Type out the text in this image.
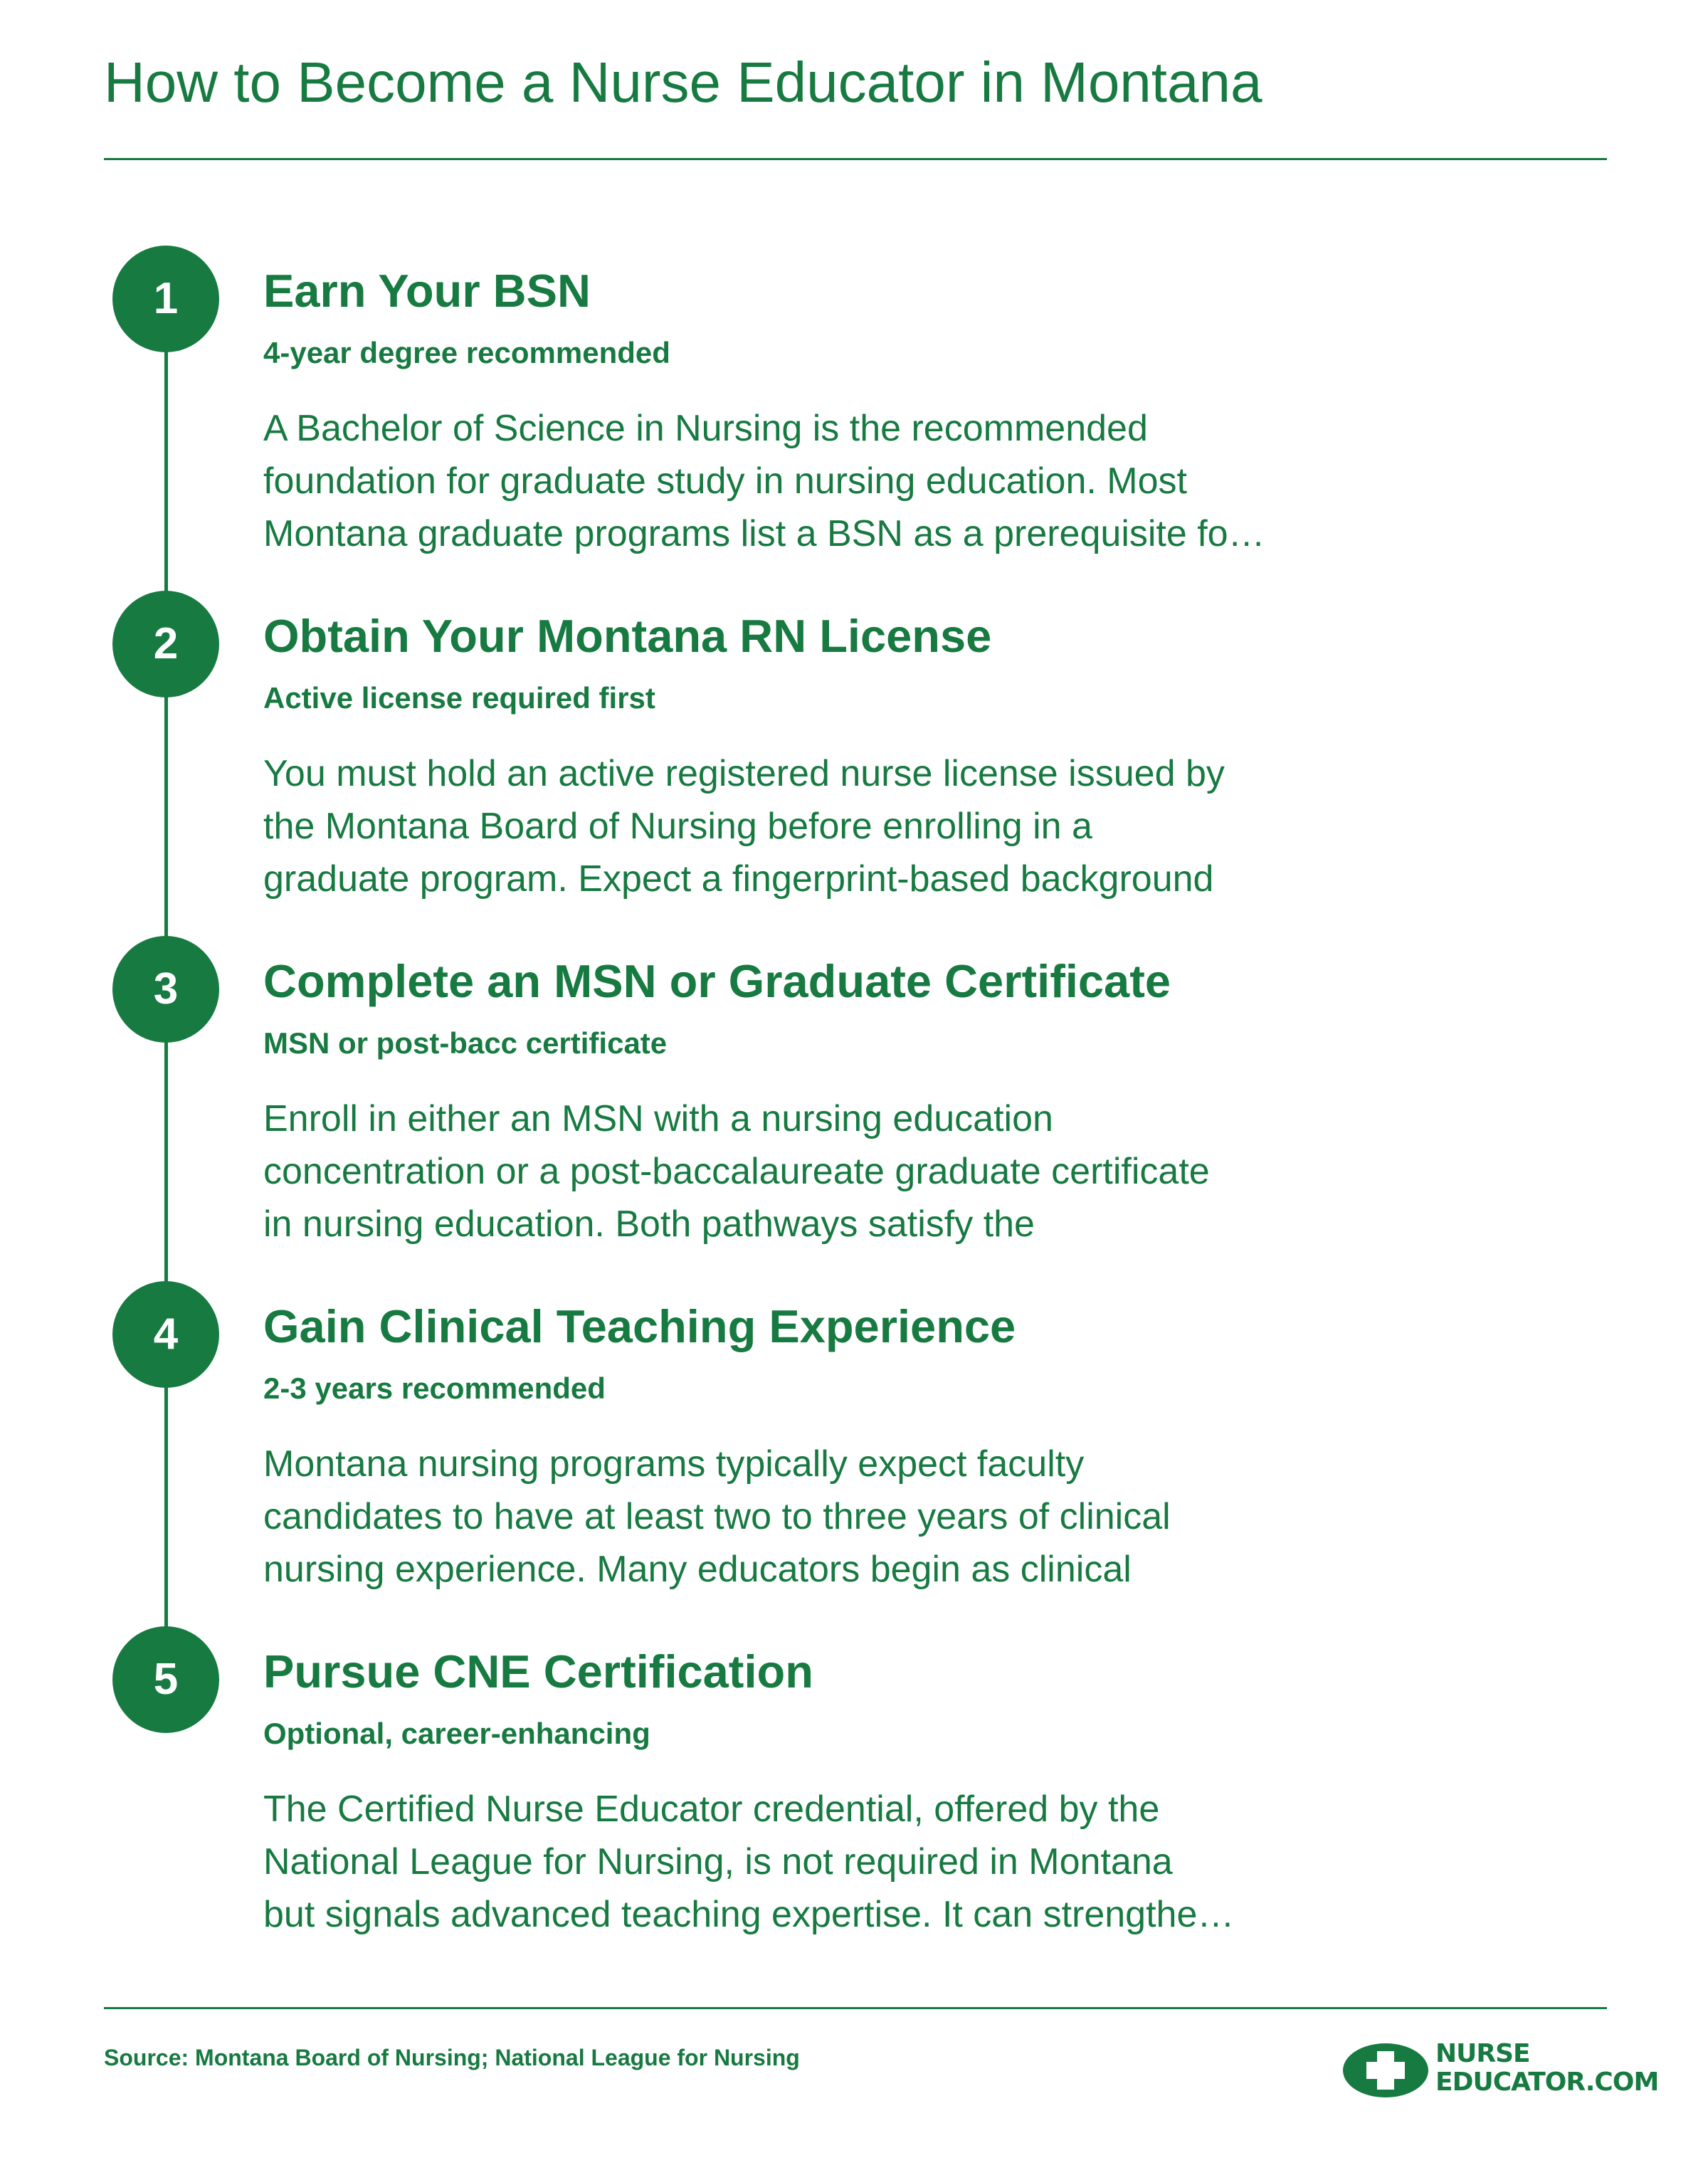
How to Become a Nurse Educator in Montana
1	Earn Your BSN
4-year degree recommended
A Bachelor of Science in Nursing is the recommended
foundation for graduate study in nursing education. Most
Montana graduate programs list a BSN as a prerequisite fo…
2	Obtain Your Montana RN License
Active license required first
You must hold an active registered nurse license issued by
the Montana Board of Nursing before enrolling in a
graduate program. Expect a fingerprint-based background
3	Complete an MSN or Graduate Certificate
MSN or post-bacc certificate
Enroll in either an MSN with a nursing education
concentration or a post-baccalaureate graduate certificate
in nursing education. Both pathways satisfy the
4	Gain Clinical Teaching Experience
2-3 years recommended
Montana nursing programs typically expect faculty
candidates to have at least two to three years of clinical
nursing experience. Many educators begin as clinical
5	Pursue CNE Certification
Optional, career-enhancing
The Certified Nurse Educator credential, offered by the
National League for Nursing, is not required in Montana
but signals advanced teaching expertise. It can strengthe…
Source: Montana Board of Nursing; National League for Nursing	NURSE
EDUCATOR.COM
